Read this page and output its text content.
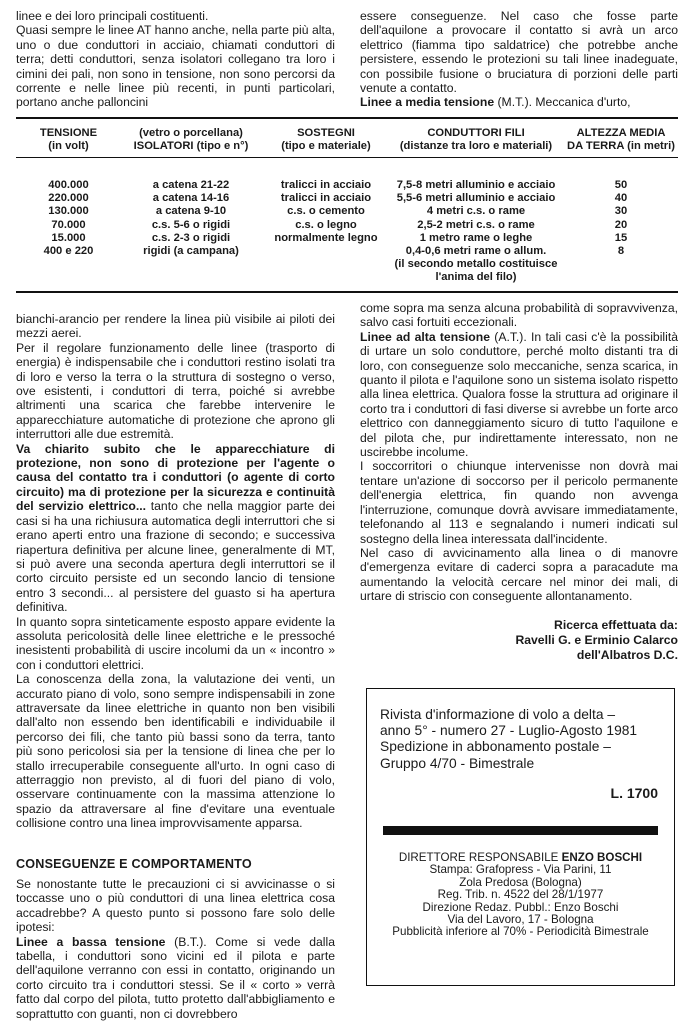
linee e dei loro principali costituenti.

Quasi sempre le linee AT hanno anche, nella parte più alta, uno o due conduttori in acciaio, chiamati conduttori di terra; detti conduttori, senza isolatori collegano tra loro i cimini dei pali, non sono in tensione, non sono percorsi da corrente e nelle linee più recenti, in punti particolari, portano anche palloncini

essere conseguenze. Nel caso che fosse parte dell'aquilone a provocare il contatto si avrà un arco elettrico (fiamma tipo saldatrice) che potrebbe anche persistere, essendo le protezioni su tali linee inadeguate, con possibile fusione o bruciatura di porzioni delle parti venute a contatto.

Linee a media tensione (M.T.). Meccanica d'urto,

TENSIONE
(in volt)
(vetro o porcellana)
ISOLATORI (tipo e n°)
SOSTEGNI
(tipo e materiale)
CONDUTTORI FILI
(distanze tra loro e materiali)
ALTEZZA MEDIA
DA TERRA (in metri)
400.000
220.000
130.000
70.000
15.000
400 e 220
a catena 21-22
a catena 14-16
a catena 9-10
c.s. 5-6 o rigidi
c.s. 2-3 o rigidi
rigidi (a campana)
tralicci in acciaio
tralicci in acciaio
c.s. o cemento
c.s. o legno
normalmente legno
7,5-8 metri alluminio e acciaio
5,5-6 metri alluminio e acciaio
4 metri c.s. o rame
2,5-2 metri c.s. o rame
1 metro rame o leghe
0,4-0,6 metri rame o allum.
(il secondo metallo costituisce
l'anima del filo)
50
40
30
20
15
8

bianchi-arancio per rendere la linea più visibile ai piloti dei mezzi aerei.

Per il regolare funzionamento delle linee (trasporto di energia) è indispensabile che i conduttori restino isolati tra di loro e verso la terra o la struttura di sostegno o verso, ove esistenti, i conduttori di terra, poiché si avrebbe altrimenti una scarica che farebbe intervenire le apparecchiature automatiche di protezione che aprono gli interruttori alle due estremità.

Va chiarito subito che le apparecchiature di protezione, non sono di protezione per l'agente o causa del contatto tra i conduttori (o agente di corto circuito) ma di protezione per la sicurezza e continuità del servizio elettrico... tanto che nella maggior parte dei casi si ha una richiusura automatica degli interruttori che si erano aperti entro una frazione di secondo; e successiva riapertura definitiva per alcune linee, generalmente di MT, si può avere una seconda apertura degli interruttori se il corto circuito persiste ed un secondo lancio di tensione entro 3 secondi... al persistere del guasto si ha apertura definitiva.

In quanto sopra sinteticamente esposto appare evidente la assoluta pericolosità delle linee elettriche e le pressoché inesistenti probabilità di uscire incolumi da un « incontro » con i conduttori elettrici.

La conoscenza della zona, la valutazione dei venti, un accurato piano di volo, sono sempre indispensabili in zone attraversate da linee elettriche in quanto non ben visibili dall'alto non essendo ben identificabili e individuabile il percorso dei fili, che tanto più bassi sono da terra, tanto più sono pericolosi sia per la tensione di linea che per lo stallo irrecuperabile conseguente all'urto. In ogni caso di atterraggio non previsto, al di fuori del piano di volo, osservare continuamente con la massima attenzione lo spazio da attraversare al fine d'evitare una eventuale collisione contro una linea improvvisamente apparsa.

CONSEGUENZE E COMPORTAMENTO

Se nonostante tutte le precauzioni ci si avvicinasse o si toccasse uno o più conduttori di una linea elettrica cosa accadrebbe? A questo punto si possono fare solo delle ipotesi:

Linee a bassa tensione (B.T.). Come si vede dalla tabella, i conduttori sono vicini ed il pilota e parte dell'aquilone verranno con essi in contatto, originando un corto circuito tra i conduttori stessi. Se il « corto » verrà fatto dal corpo del pilota, tutto protetto dall'abbigliamento e soprattutto con guanti, non ci dovrebbero

come sopra ma senza alcuna probabilità di sopravvivenza, salvo casi fortuiti eccezionali.

Linee ad alta tensione (A.T.). In tali casi c'è la possibilità di urtare un solo conduttore, perché molto distanti tra di loro, con conseguenze solo meccaniche, senza scarica, in quanto il pilota e l'aquilone sono un sistema isolato rispetto alla linea elettrica. Qualora fosse la struttura ad originare il corto tra i conduttori di fasi diverse si avrebbe un forte arco elettrico con danneggiamento sicuro di tutto l'aquilone e del pilota che, pur indirettamente interessato, non ne uscirebbe incolume.

I soccorritori o chiunque intervenisse non dovrà mai tentare un'azione di soccorso per il pericolo permanente dell'energia elettrica, fin quando non avvenga l'interruzione, comunque dovrà avvisare immediatamente, telefonando al 113 e segnalando i numeri indicati sul sostegno della linea interessata dall'incidente.

Nel caso di avvicinamento alla linea o di manovre d'emergenza evitare di caderci sopra a paracadute ma aumentando la velocità cercare nel minor dei mali, di urtare di striscio con conseguente allontanamento.

Ricerca effettuata da:
Ravelli G. e Erminio Calarco
dell'Albatros D.C.
Rivista d'informazione di volo a delta –
anno 5° - numero 27 - Luglio-Agosto 1981
Spedizione in abbonamento postale –
Gruppo 4/70 - Bimestrale
L. 1700
DIRETTORE RESPONSABILE ENZO BOSCHI
Stampa: Grafopress - Via Parini, 11
Zola Predosa (Bologna)
Reg. Trib. n. 4522 del 28/1/1977
Direzione Redaz. Pubbl.: Enzo Boschi
Via del Lavoro, 17 - Bologna
Pubblicità inferiore al 70% - Periodicità Bimestrale
